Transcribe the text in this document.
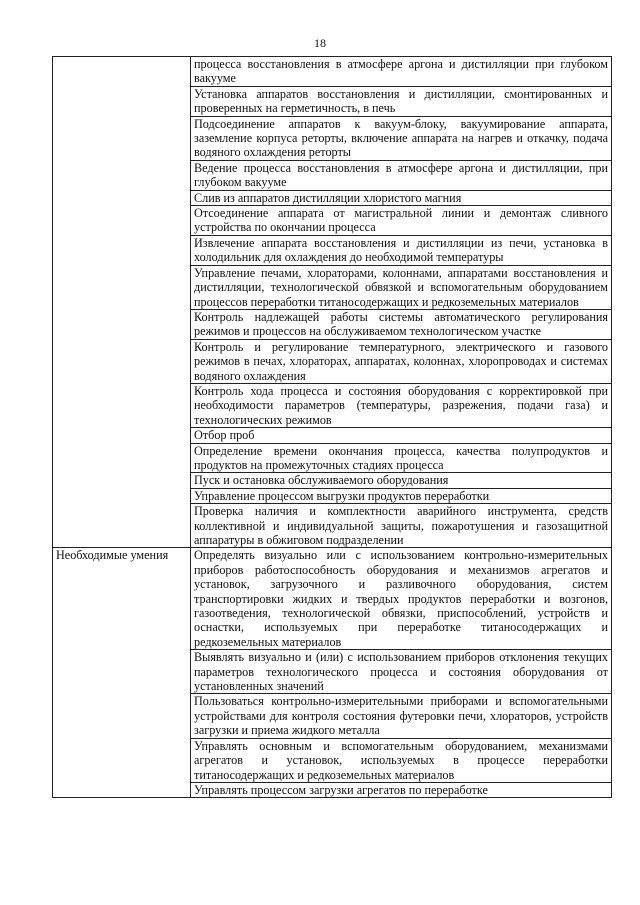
18

	процесса восстановления в атмосфере аргона и дистилляции при глубоком вакууме

	Установка аппаратов восстановления и дистилляции, смонтированных и проверенных на герметичность, в печь

	Подсоединение аппаратов к вакуум-блоку, вакуумирование аппарата, заземление корпуса реторты, включение аппарата на нагрев и откачку, подача водяного охлаждения реторты

	Ведение процесса восстановления в атмосфере аргона и дистилляции, при глубоком вакууме

	Слив из аппаратов дистилляции хлористого магния

	Отсоединение аппарата от магистральной линии и демонтаж сливного устройства по окончании процесса

	Извлечение аппарата восстановления и дистилляции из печи, установка в холодильник для охлаждения до необходимой температуры

	Управление печами, хлораторами, колоннами, аппаратами восстановления и дистилляции, технологической обвязкой и вспомогательным оборудованием процессов переработки титаносодержащих и редкоземельных материалов

	Контроль надлежащей работы системы автоматического регулирования режимов и процессов на обслуживаемом технологическом участке

	Контроль и регулирование температурного, электрического и газового режимов в печах, хлораторах, аппаратах, колоннах, хлоропроводах и системах водяного охлаждения

	Контроль хода процесса и состояния оборудования с корректировкой при необходимости параметров (температуры, разрежения, подачи газа) и технологических режимов

	Отбор проб

	Определение времени окончания процесса, качества полупродуктов и продуктов на промежуточных стадиях процесса

	Пуск и остановка обслуживаемого оборудования

	Управление процессом выгрузки продуктов переработки

	Проверка наличия и комплектности аварийного инструмента, средств коллективной и индивидуальной защиты, пожаротушения и газозащитной аппаратуры в обжиговом подразделении

Необходимые умения	Определять визуально или с использованием контрольно-измерительных приборов работоспособность оборудования и механизмов агрегатов и установок, загрузочного и разливочного оборудования, систем транспортировки жидких и твердых продуктов переработки и возгонов, газоотведения, технологической обвязки, приспособлений, устройств и оснастки, используемых при переработке титаносодержащих и редкоземельных материалов

	Выявлять визуально и (или) с использованием приборов отклонения текущих параметров технологического процесса и состояния оборудования от установленных значений

	Пользоваться контрольно-измерительными приборами и вспомогательными устройствами для контроля состояния футеровки печи, хлораторов, устройств загрузки и приема жидкого металла

	Управлять основным и вспомогательным оборудованием, механизмами агрегатов и установок, используемых в процессе переработки титаносодержащих и редкоземельных материалов

	Управлять процессом загрузки агрегатов по переработке
